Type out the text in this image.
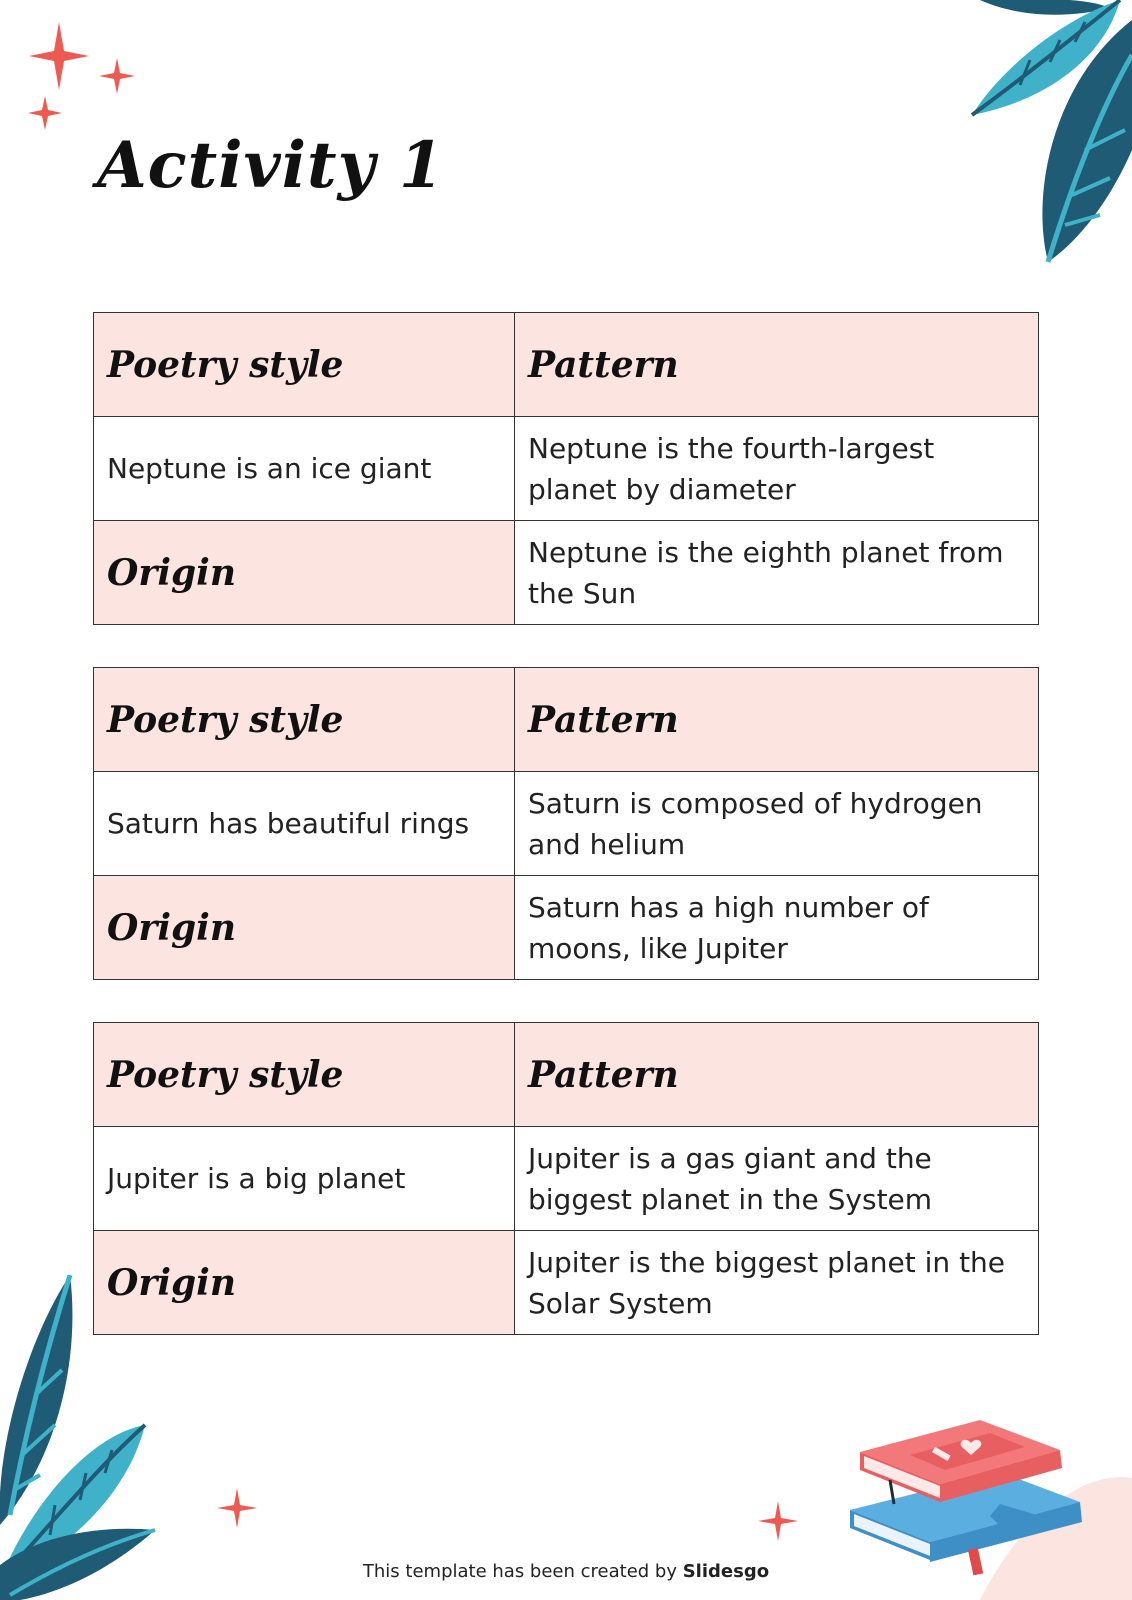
Activity 1
Poetry style	Pattern
Neptune is an ice giant	Neptune is the fourth-largest planet by diameter
Origin	Neptune is the eighth planet from the Sun
Poetry style	Pattern
Saturn has beautiful rings	Saturn is composed of hydrogen and helium
Origin	Saturn has a high number of moons, like Jupiter
Poetry style	Pattern
Jupiter is a big planet	Jupiter is a gas giant and the biggest planet in the System
Origin	Jupiter is the biggest planet in the Solar System
This template has been created by Slidesgo
